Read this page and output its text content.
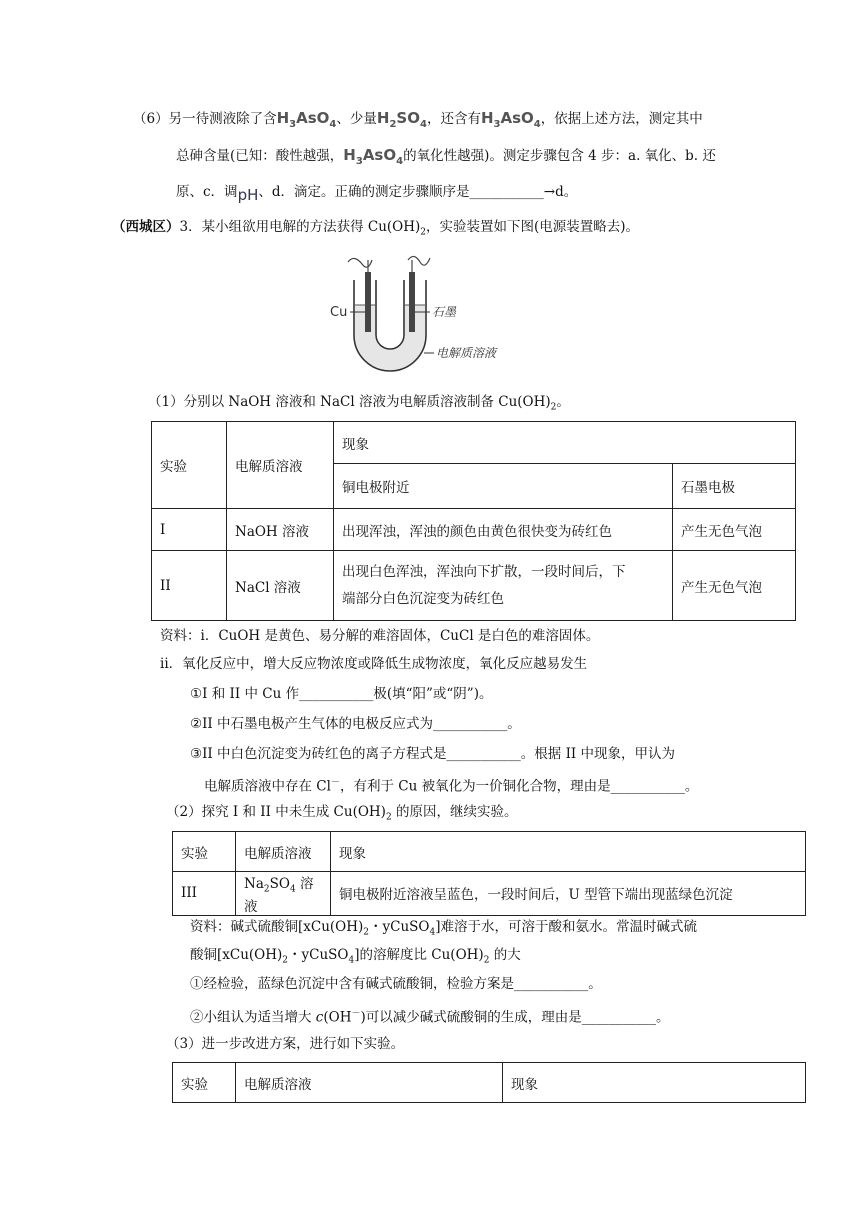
（6）另一待测液除了含$H_3AsO_4$、少量$H_2SO_4$，还含有$H_3AsO_4$，依据上述方法，测定其中
总砷含量(已知：酸性越强，$H_3AsO_4$的氧化性越强)。测定步骤包含 4 步：a. 氧化、b. 还
原、c．调pH、d．滴定。正确的测定步骤顺序是___________→d。
（西城区）3．某小组欲用电解的方法获得 $Cu(OH)_2$，实验装置如下图(电源装置略去)。
Cu	石墨
电解质溶液
（1）分别以 NaOH 溶液和 NaCl 溶液为电解质溶液制备 $Cu(OH)_2$。
实验	电解质溶液	现象	
		铜电极附近	石墨电极
I	NaOH 溶液	出现浑浊，浑浊的颜色由黄色很快变为砖红色	产生无色气泡
II	NaCl 溶液	出现白色浑浊，浑浊向下扩散，一段时间后，下
端部分白色沉淀变为砖红色	产生无色气泡
资料：i．CuOH 是黄色、易分解的难溶固体，CuCl 是白色的难溶固体。
ii．氧化反应中，增大反应物浓度或降低生成物浓度，氧化反应越易发生
①I 和 II 中 Cu 作___________极(填“阳”或“阴”)。
②II 中石墨电极产生气体的电极反应式为___________。
③II 中白色沉淀变为砖红色的离子方程式是___________。根据 II 中现象，甲认为
电解质溶液中存在 Cl－，有利于 Cu 被氧化为一价铜化合物，理由是___________。
（2）探究 I 和 II 中未生成 $Cu(OH)_2$ 的原因，继续实验。
实验	电解质溶液	现象
III	$Na_2SO_4$ 溶液	铜电极附近溶液呈蓝色，一段时间后，U 型管下端出现蓝绿色沉淀
资料：碱式硫酸铜[$xCu(OH)_2$・yCuSO$_4$]难溶于水，可溶于酸和氨水。常温时碱式硫
酸铜[$xCu(OH)_2$・yCuSO$_4$]的溶解度比 $Cu(OH)_2$ 的大
①经检验，蓝绿色沉淀中含有碱式硫酸铜，检验方案是___________。
②小组认为适当增大 c(OH－)可以减少碱式硫酸铜的生成，理由是___________。
（3）进一步改进方案，进行如下实验。
实验	电解质溶液	现象
